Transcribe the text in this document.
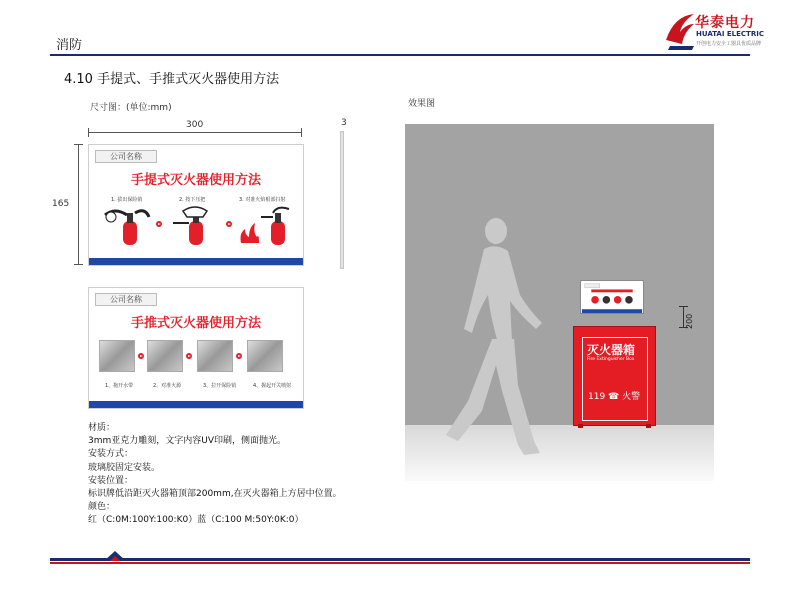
消防
华泰电力
HUATAI ELECTRIC
开创电力安全工器具优质品牌
4.10 手提式、手推式灭火器使用方法
尺寸图：(单位:mm)	效果图
300
165
3
公司名称
手提式灭火器使用方法
1. 拔出保险销	2. 按下压把	3. 对准火焰根部扫射
公司名称
手推式灭火器使用方法
1、拖开水带	2、对准火源	3、拉开保险销	4、握起开关喷射
材质：
3mm亚克力雕刻，文字内容UV印刷，侧面抛光。
安装方式：
玻璃胶固定安装。
安装位置：
标识牌低沿距灭火器箱顶部200mm,在灭火器箱上方居中位置。
颜色：
红（C:0M:100Y:100:K0）蓝（C:100 M:50Y:0K:0）
200
灭火器箱
Fire Extinguisher Box
119 ☎ 火警
